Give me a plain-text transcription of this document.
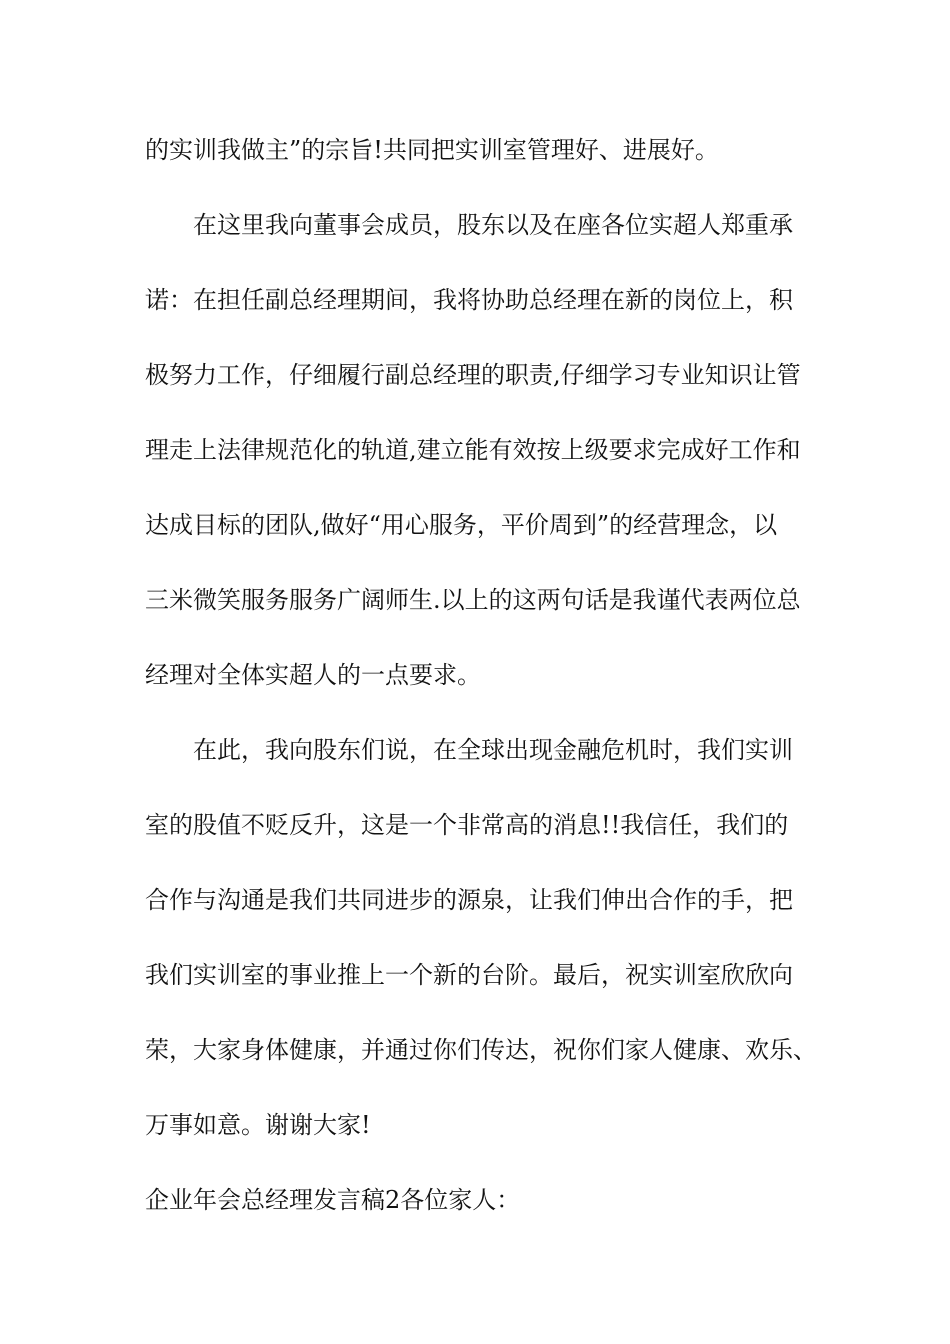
的实训我做主”的宗旨!共同把实训室管理好、进展好。
在这里我向董事会成员，股东以及在座各位实超人郑重承
诺：在担任副总经理期间，我将协助总经理在新的岗位上，积
极努力工作，仔细履行副总经理的职责,仔细学习专业知识让管
理走上法律规范化的轨道,建立能有效按上级要求完成好工作和
达成目标的团队,做好“用心服务，平价周到”的经营理念，以
三米微笑服务服务广阔师生.以上的这两句话是我谨代表两位总
经理对全体实超人的一点要求。
在此，我向股东们说，在全球出现金融危机时，我们实训
室的股值不贬反升，这是一个非常高的消息!!我信任，我们的
合作与沟通是我们共同进步的源泉，让我们伸出合作的手，把
我们实训室的事业推上一个新的台阶。最后，祝实训室欣欣向
荣，大家身体健康，并通过你们传达，祝你们家人健康、欢乐、
万事如意。谢谢大家!
企业年会总经理发言稿2各位家人：
